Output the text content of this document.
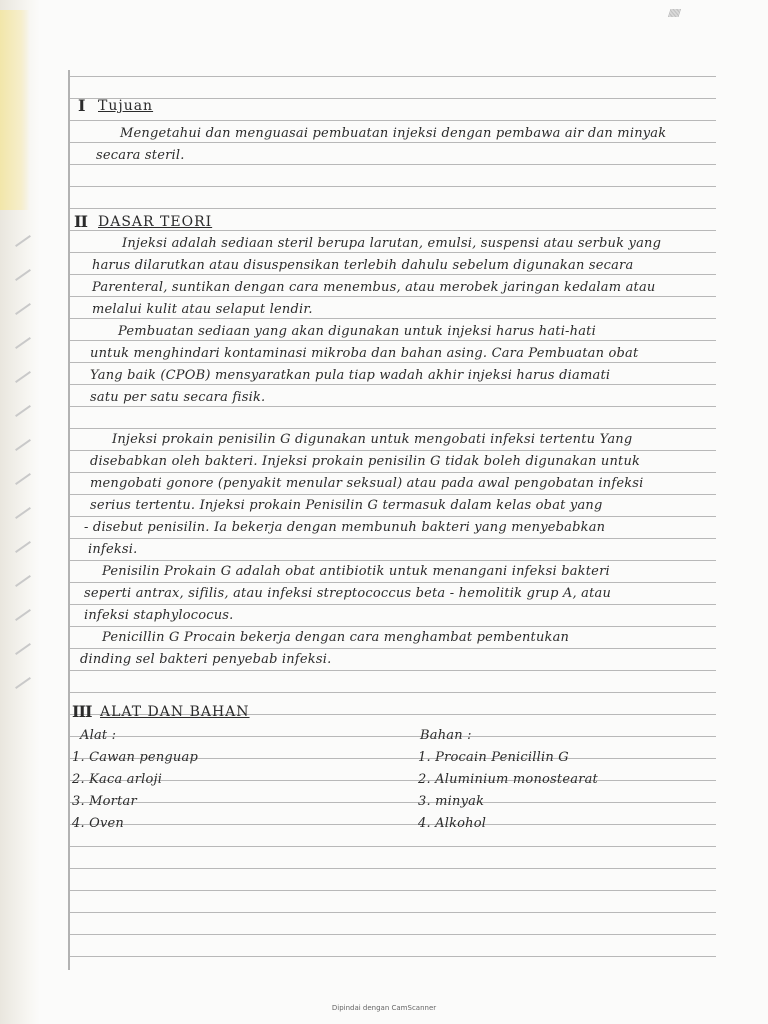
////////
I Tujuan
Mengetahui dan menguasai pembuatan injeksi dengan pembawa air dan minyak
secara steril.
II DASAR TEORI
Injeksi adalah sediaan steril berupa larutan, emulsi, suspensi atau serbuk yang
harus dilarutkan atau disuspensikan terlebih dahulu sebelum digunakan secara
Parenteral, suntikan dengan cara menembus, atau merobek jaringan kedalam atau
melalui kulit atau selaput lendir.
Pembuatan sediaan yang akan digunakan untuk injeksi harus hati-hati
untuk menghindari kontaminasi mikroba dan bahan asing. Cara Pembuatan obat
Yang baik (CPOB) mensyaratkan pula tiap wadah akhir injeksi harus diamati
satu per satu secara fisik.
Injeksi prokain penisilin G digunakan untuk mengobati infeksi tertentu Yang
disebabkan oleh bakteri. Injeksi prokain penisilin G tidak boleh digunakan untuk
mengobati gonore (penyakit menular seksual) atau pada awal pengobatan infeksi
serius tertentu. Injeksi prokain Penisilin G termasuk dalam kelas obat yang
- disebut penisilin. Ia bekerja dengan membunuh bakteri yang menyebabkan
infeksi.
Penisilin Prokain G adalah obat antibiotik untuk menangani infeksi bakteri
seperti antrax, sifilis, atau infeksi streptococcus beta - hemolitik grup A, atau
infeksi staphylococus.
Penicillin G Procain bekerja dengan cara menghambat pembentukan
dinding sel bakteri penyebab infeksi.
III ALAT DAN BAHAN
Alat :	Bahan :
1. Cawan penguap
2. Kaca arloji
3. Mortar
4. Oven
1. Procain Penicillin G
2. Aluminium monostearat
3. minyak
4. Alkohol
Dipindai dengan CamScanner
